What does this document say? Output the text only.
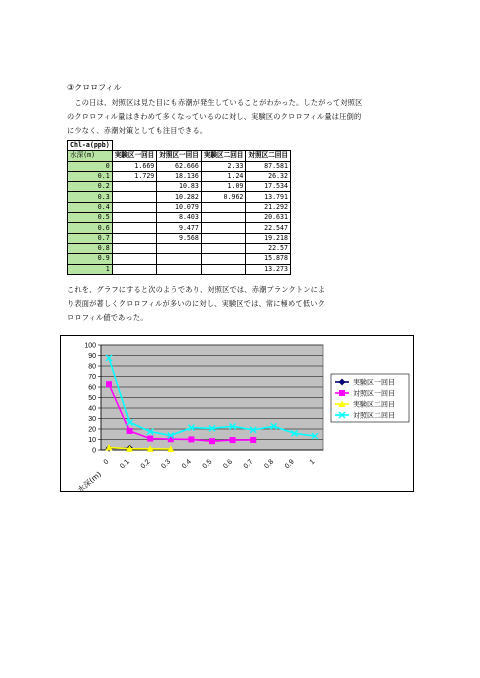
③クロロフィル
　この日は、対照区は見た目にも赤潮が発生していることがわかった。したがって対照区
のクロロフィル量はきわめて多くなっているのに対し、実験区のクロロフィル量は圧倒的
に少なく、赤潮対策としても注目できる。
Chl-a(ppb)				
水深(m)	実験区一回目	対照区一回目	実験区二回目	対照区二回目
0	1.669	62.666	2.33	87.581
0.1	1.729	18.136	1.24	26.32
0.2		10.83	1.09	17.534
0.3		10.282	0.962	13.791
0.4		10.079		21.292
0.5		8.403		20.631
0.6		9.477		22.547
0.7		9.568		19.218
0.8				22.57
0.9				15.878
1				13.273
これを、グラフにすると次のようであり、対照区では、赤潮プランクトンによ
り表面が著しくクロロフィルが多いのに対し、実験区では、常に極めて低いク
ロロフィル値であった。
0
10
20
30
40
50
60
70
80
90
100
0 0.1 0.2 0.3 0.4 0.5 0.6 0.7 0.8 0.9 1
水深(m)
実験区一回目
対照区一回目
実験区二回目
対照区二回目
